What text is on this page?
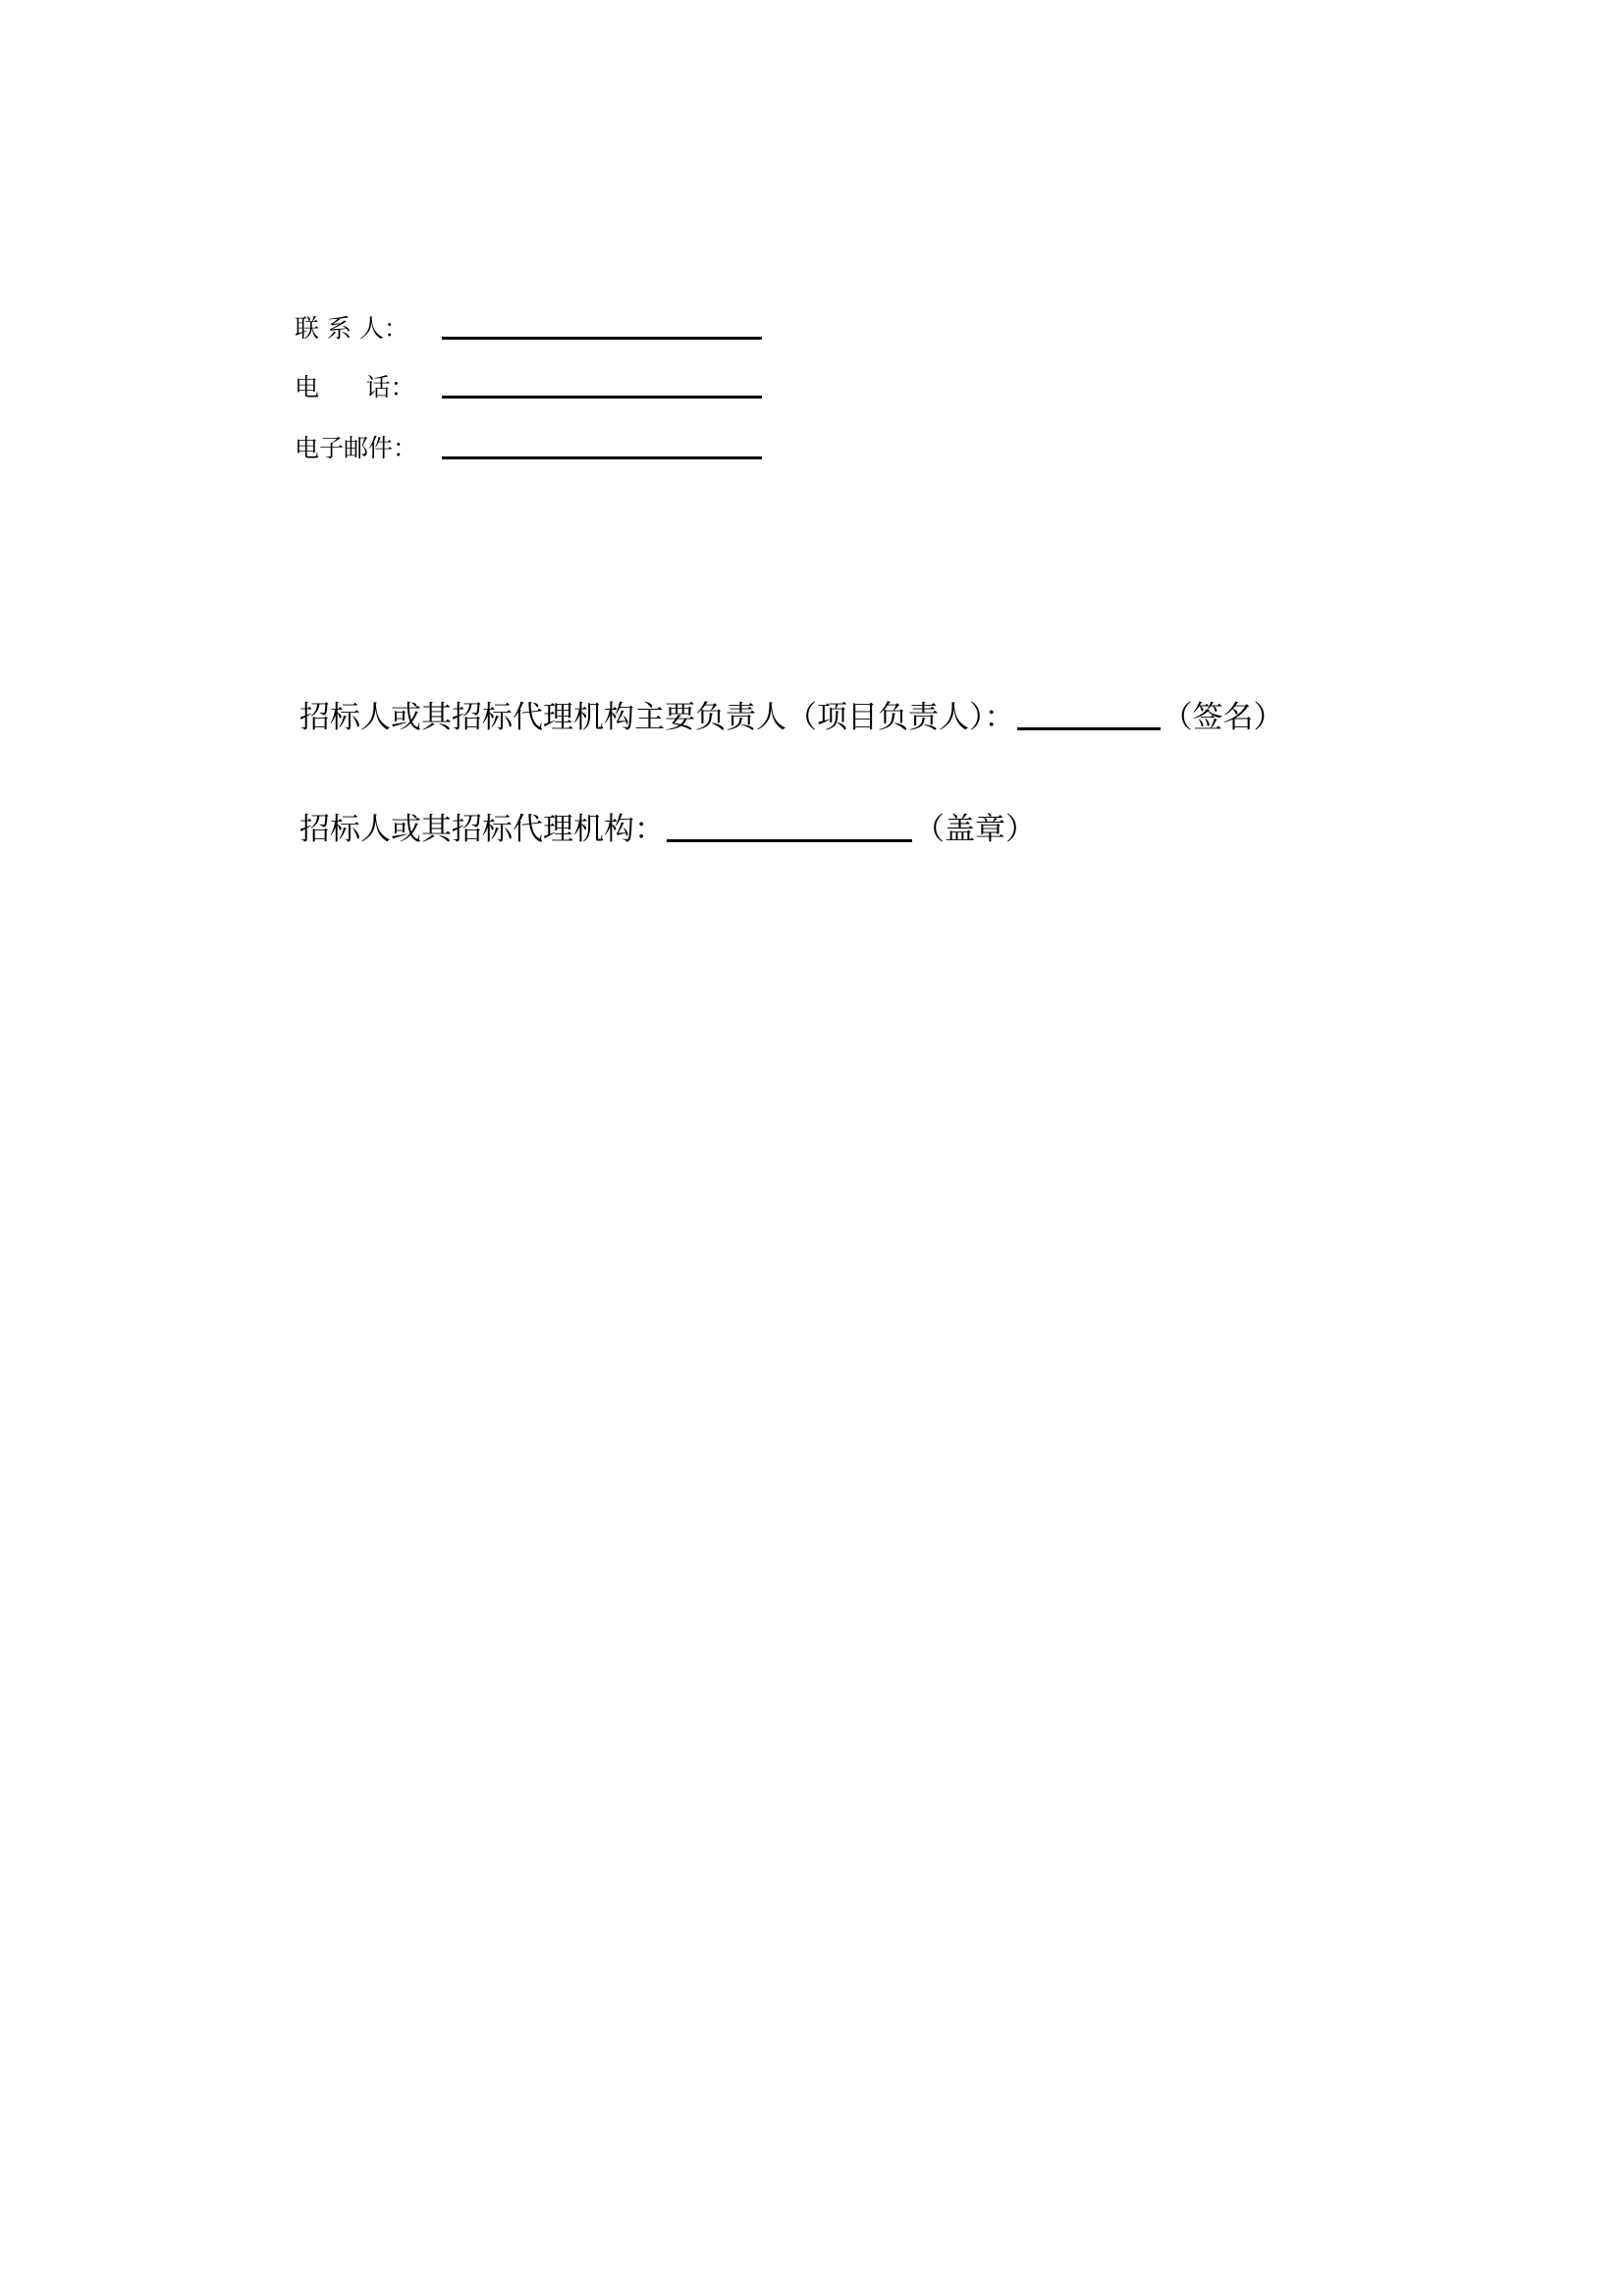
联 系 人：
电      话：
电子邮件：
招标人或其招标代理机构主要负责人（项目负责人）：	（签名）
招标人或其招标代理机构：	（盖章）
